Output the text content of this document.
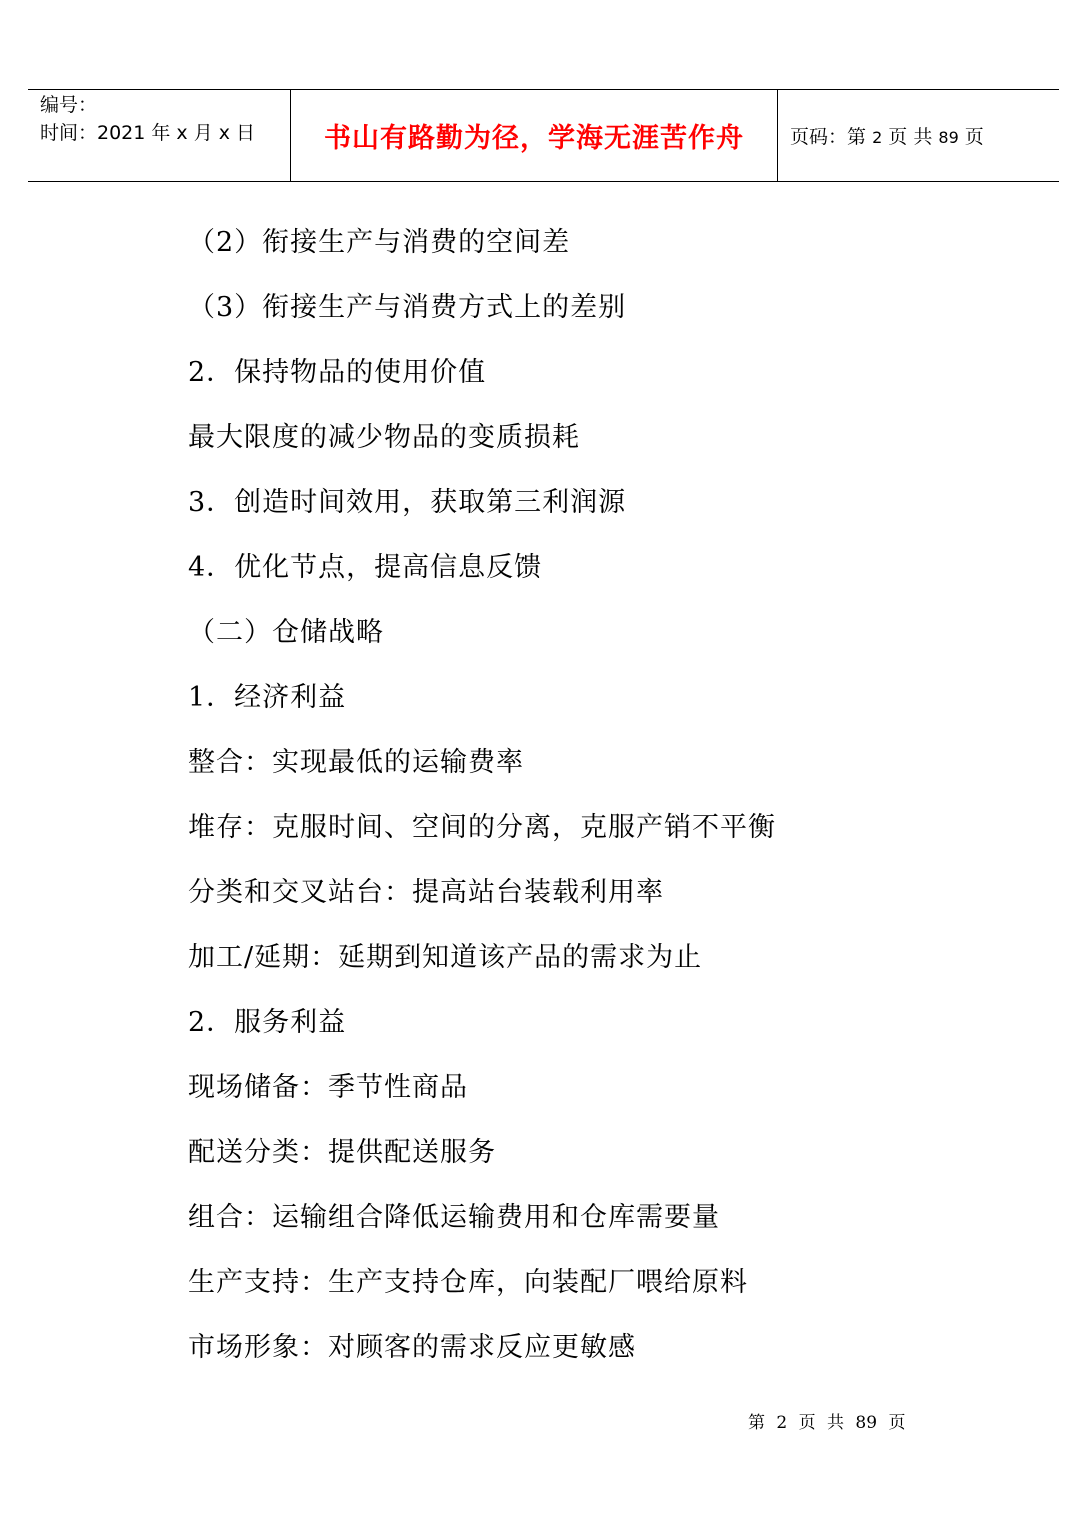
编号：
时间：2021 年 x 月 x 日	书山有路勤为径，学海无涯苦作舟 页码：第 2 页 共 89 页
（2）衔接生产与消费的空间差
（3）衔接生产与消费方式上的差别
2．保持物品的使用价值
最大限度的减少物品的变质损耗
3．创造时间效用，获取第三利润源
4．优化节点，提高信息反馈
（二）仓储战略
1．经济利益
整合：实现最低的运输费率
堆存：克服时间、空间的分离，克服产销不平衡
分类和交叉站台：提高站台装载利用率
加工/延期：延期到知道该产品的需求为止
2．服务利益
现场储备：季节性商品
配送分类：提供配送服务
组合：运输组合降低运输费用和仓库需要量
生产支持：生产支持仓库，向装配厂喂给原料
市场形象：对顾客的需求反应更敏感
第 2 页 共 89 页
